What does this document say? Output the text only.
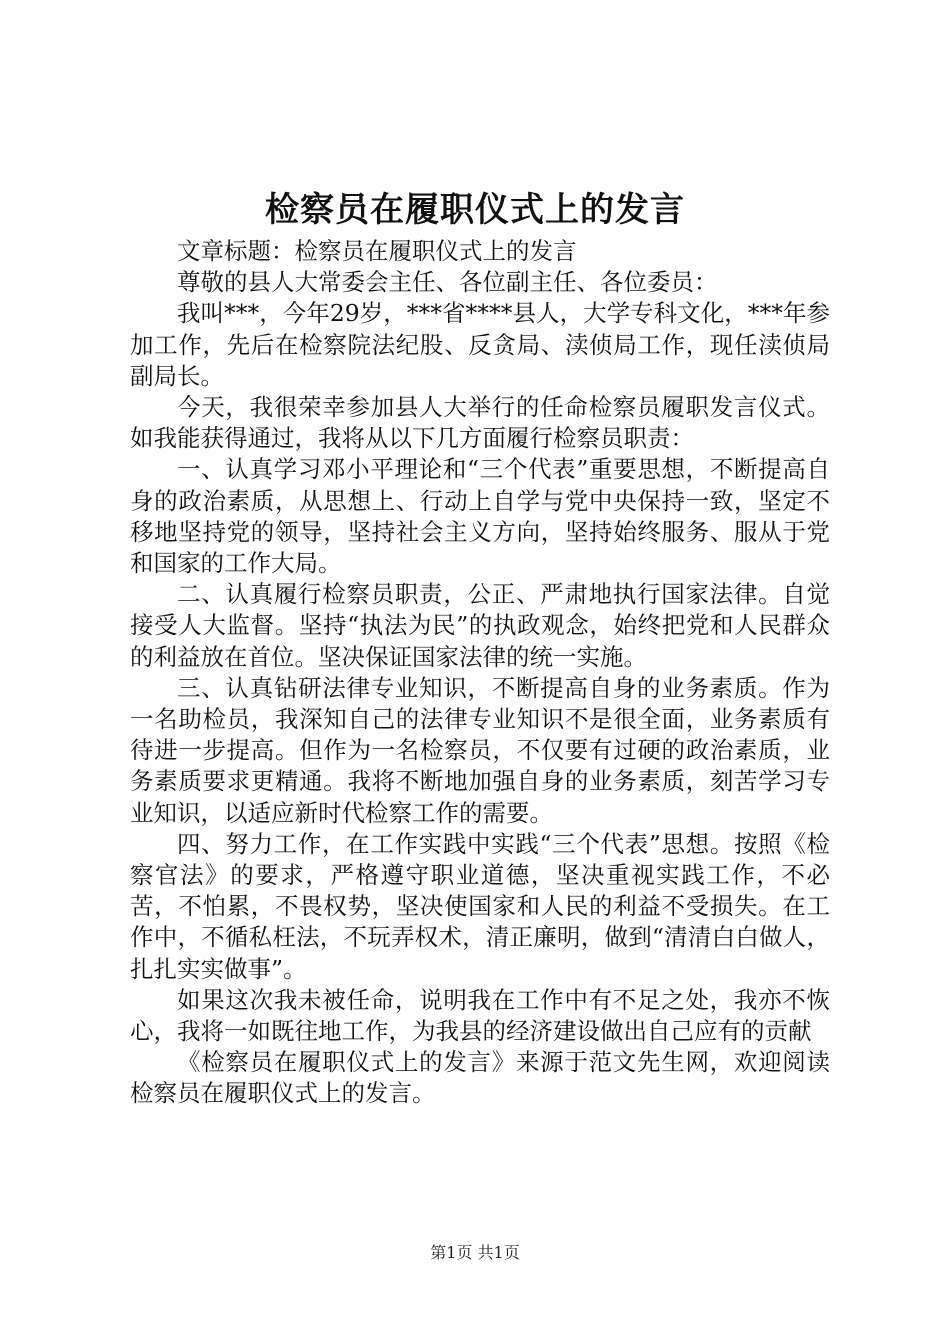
检察员在履职仪式上的发言

文章标题：检察员在履职仪式上的发言

尊敬的县人大常委会主任、各位副主任、各位委员：

我叫***，今年29岁，***省****县人，大学专科文化，***年参加工作，先后在检察院法纪股、反贪局、渎侦局工作，现任渎侦局副局长。

今天，我很荣幸参加县人大举行的任命检察员履职发言仪式。如我能获得通过，我将从以下几方面履行检察员职责：

一、认真学习邓小平理论和“三个代表”重要思想，不断提高自身的政治素质，从思想上、行动上自学与党中央保持一致，坚定不移地坚持党的领导，坚持社会主义方向，坚持始终服务、服从于党和国家的工作大局。

二、认真履行检察员职责，公正、严肃地执行国家法律。自觉接受人大监督。坚持“执法为民”的执政观念，始终把党和人民群众的利益放在首位。坚决保证国家法律的统一实施。

三、认真钻研法律专业知识，不断提高自身的业务素质。作为一名助检员，我深知自己的法律专业知识不是很全面，业务素质有待进一步提高。但作为一名检察员，不仅要有过硬的政治素质，业务素质要求更精通。我将不断地加强自身的业务素质，刻苦学习专业知识，以适应新时代检察工作的需要。

四、努力工作，在工作实践中实践“三个代表”思想。按照《检察官法》的要求，严格遵守职业道德，坚决重视实践工作，不必苦，不怕累，不畏权势，坚决使国家和人民的利益不受损失。在工作中，不循私枉法，不玩弄权术，清正廉明，做到“清清白白做人，扎扎实实做事”。

如果这次我未被任命，说明我在工作中有不足之处，我亦不恢心，我将一如既往地工作，为我县的经济建设做出自己应有的贡献

《检察员在履职仪式上的发言》来源于范文先生网，欢迎阅读检察员在履职仪式上的发言。

第1页 共1页
